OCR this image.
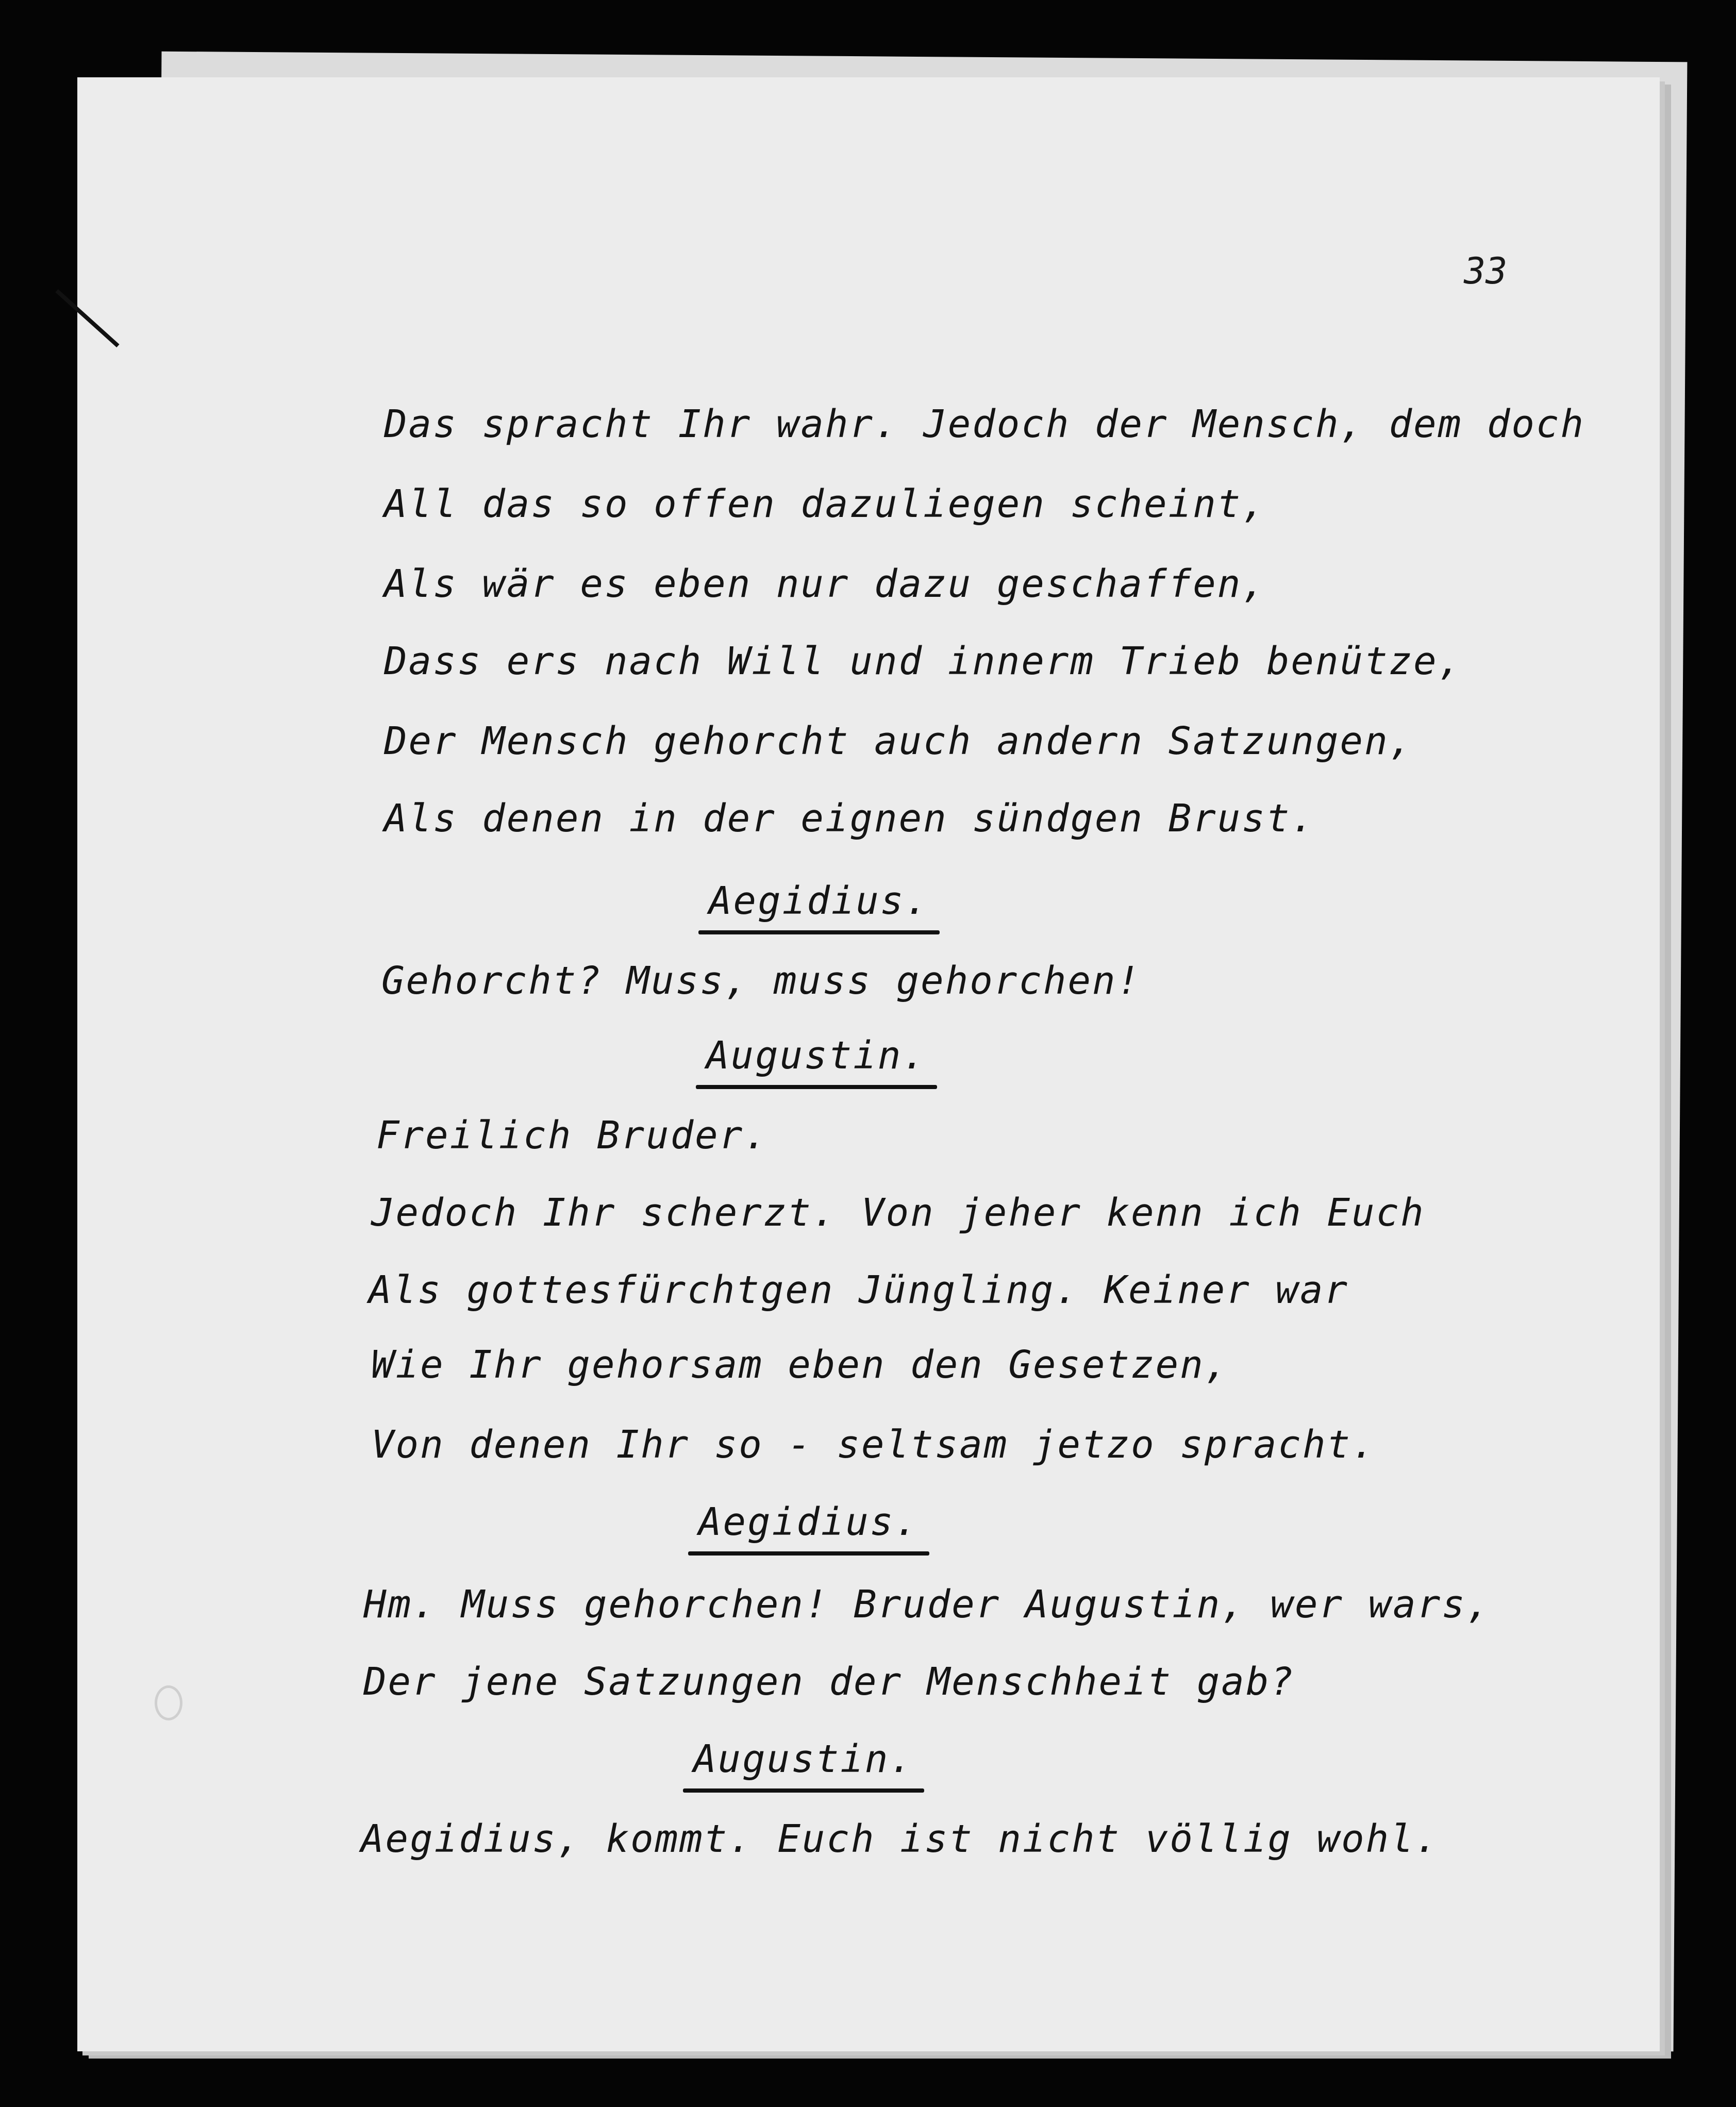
33
Das spracht Ihr wahr. Jedoch der Mensch, dem doch
All das so offen dazuliegen scheint,
Als wär es eben nur dazu geschaffen,
Dass ers nach Will und innerm Trieb benütze,
Der Mensch gehorcht auch andern Satzungen,
Als denen in der eignen sündgen Brust.
Aegidius.
Gehorcht? Muss, muss gehorchen!
Augustin.
Freilich Bruder.
Jedoch Ihr scherzt. Von jeher kenn ich Euch
Als gottesfürchtgen Jüngling. Keiner war
Wie Ihr gehorsam eben den Gesetzen,
Von denen Ihr so - seltsam jetzo spracht.
Aegidius.
Hm. Muss gehorchen! Bruder Augustin, wer wars,
Der jene Satzungen der Menschheit gab?
Augustin.
Aegidius, kommt. Euch ist nicht völlig wohl.
